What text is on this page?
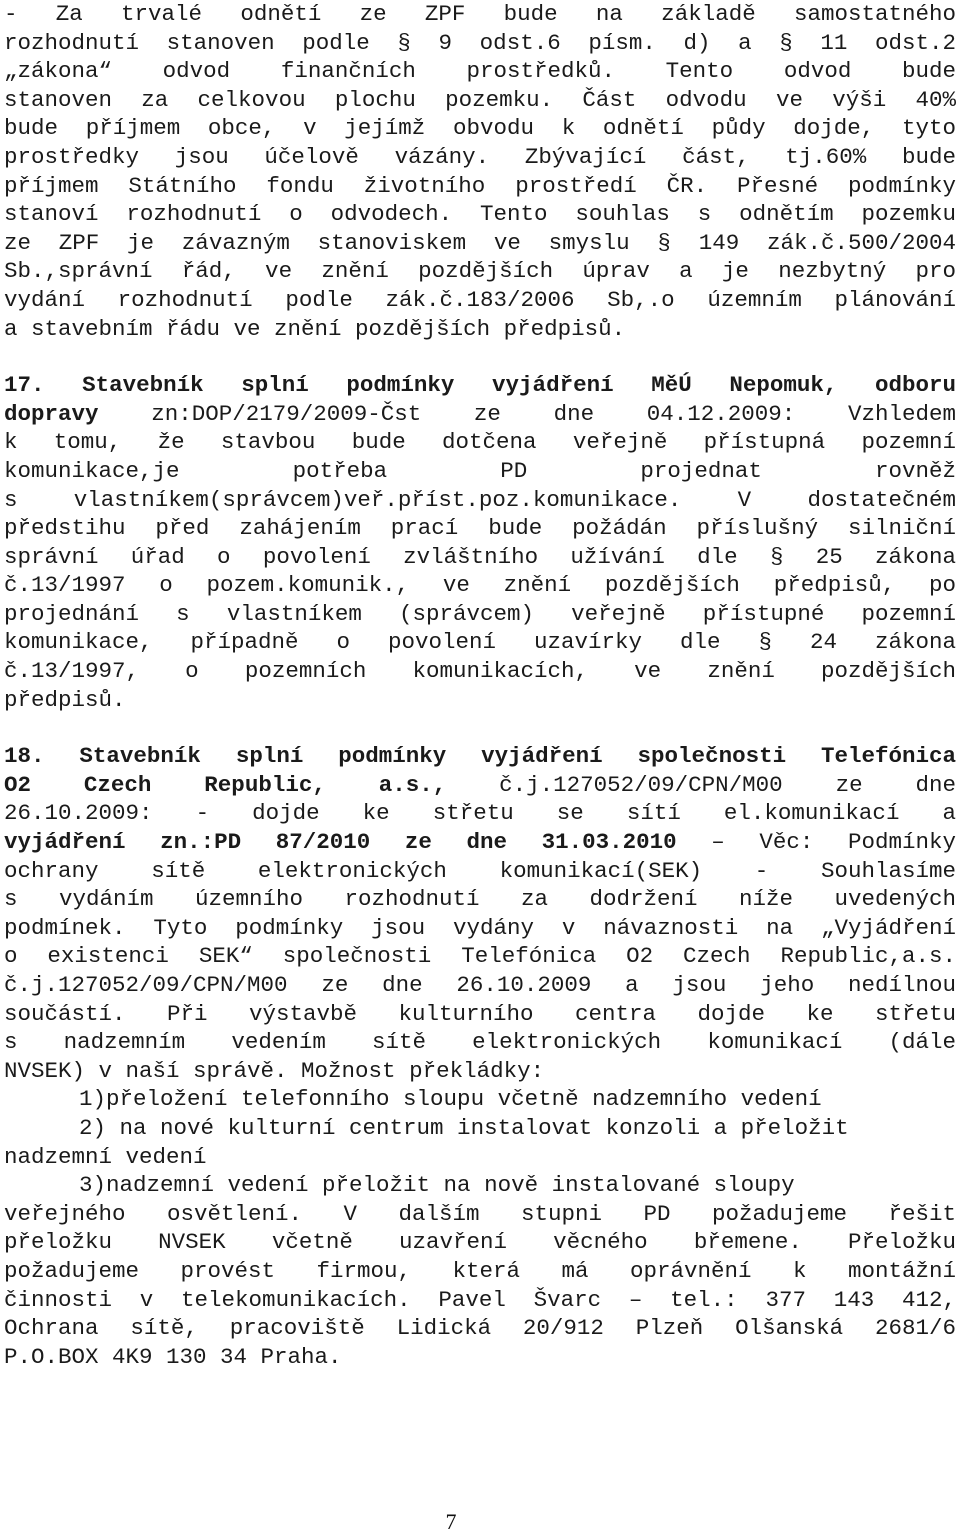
- Za trvalé odnětí ze ZPF bude na základě samostatného
rozhodnutí stanoven podle § 9 odst.6 písm. d) a § 11 odst.2
„zákona“ odvod finančních prostředků. Tento odvod bude
stanoven za celkovou plochu pozemku. Část odvodu ve výši 40%
bude příjmem obce, v jejímž obvodu k odnětí půdy dojde, tyto
prostředky jsou účelově vázány. Zbývající část, tj.60% bude
příjmem Státního fondu životního prostředí ČR. Přesné podmínky
stanoví rozhodnutí o odvodech. Tento souhlas s odnětím pozemku
ze ZPF je závazným stanoviskem ve smyslu § 149 zák.č.500/2004
Sb.,správní řád, ve znění pozdějších úprav a je nezbytný pro
vydání rozhodnutí podle zák.č.183/2006 Sb,.o územním plánování
a stavebním řádu ve znění pozdějších předpisů.
17. Stavebník splní podmínky vyjádření MěÚ Nepomuk, odboru
dopravy zn:DOP/2179/2009-Čst ze dne 04.12.2009: Vzhledem
k tomu, že stavbou bude dotčena veřejně přístupná pozemní
komunikace,je potřeba PD projednat rovněž
s vlastníkem(správcem)veř.příst.poz.komunikace. V dostatečném
předstihu před zahájením prací bude požádán příslušný silniční
správní úřad o povolení zvláštního užívání dle § 25 zákona
č.13/1997 o pozem.komunik., ve znění pozdějších předpisů, po
projednání s vlastníkem (správcem) veřejně přístupné pozemní
komunikace, případně o povolení uzavírky dle § 24 zákona
č.13/1997, o pozemních komunikacích, ve znění pozdějších
předpisů.
18. Stavebník splní podmínky vyjádření společnosti Telefónica
O2 Czech Republic, a.s., č.j.127052/09/CPN/M00 ze dne
26.10.2009: - dojde ke střetu se sítí el.komunikací a
vyjádření zn.:PD 87/2010 ze dne 31.03.2010 – Věc: Podmínky
ochrany sítě elektronických komunikací(SEK) - Souhlasíme
s vydáním územního rozhodnutí za dodržení níže uvedených
podmínek. Tyto podmínky jsou vydány v návaznosti na „Vyjádření
o existenci SEK“ společnosti Telefónica O2 Czech Republic,a.s.
č.j.127052/09/CPN/M00 ze dne 26.10.2009 a jsou jeho nedílnou
součástí. Při výstavbě kulturního centra dojde ke střetu
s nadzemním vedením sítě elektronických komunikací (dále
NVSEK) v naší správě. Možnost překládky:
1)přeložení telefonního sloupu včetně nadzemního vedení
2) na nové kulturní centrum instalovat konzoli a přeložit
nadzemní vedení
3)nadzemní vedení přeložit na nově instalované sloupy
veřejného osvětlení. V dalším stupni PD požadujeme řešit
přeložku NVSEK včetně uzavření věcného břemene. Přeložku
požadujeme provést firmou, která má oprávnění k montážní
činnosti v telekomunikacích. Pavel Švarc – tel.: 377 143 412,
Ochrana sítě, pracoviště Lidická 20/912 Plzeň Olšanská 2681/6
P.O.BOX 4K9 130 34 Praha.
7
